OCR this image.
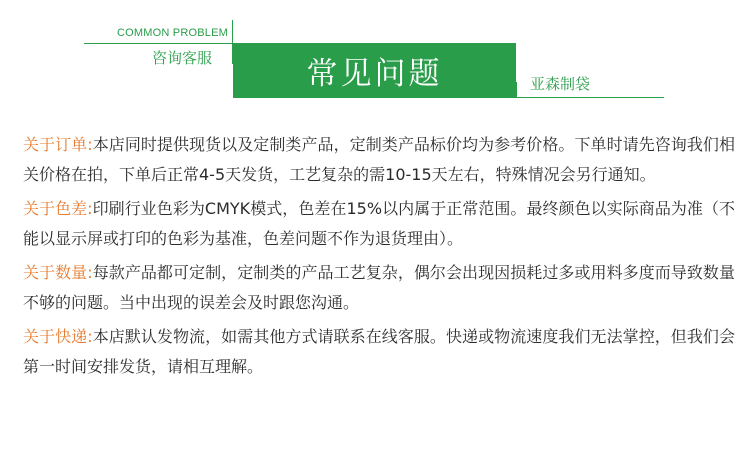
COMMON PROBLEM
咨询客服	常见问题	亚森制袋

关于订单:本店同时提供现货以及定制类产品，定制类产品标价均为参考价格。下单时请先咨询我们相关价格在拍，下单后正常4-5天发货，工艺复杂的需10-15天左右，特殊情况会另行通知。

关于色差:印刷行业色彩为CMYK模式，色差在15%以内属于正常范围。最终颜色以实际商品为准（不能以显示屏或打印的色彩为基准，色差问题不作为退货理由）。

关于数量:每款产品都可定制，定制类的产品工艺复杂，偶尔会出现因损耗过多或用料多度而导致数量不够的问题。当中出现的误差会及时跟您沟通。

关于快递:本店默认发物流，如需其他方式请联系在线客服。快递或物流速度我们无法掌控，但我们会第一时间安排发货，请相互理解。
